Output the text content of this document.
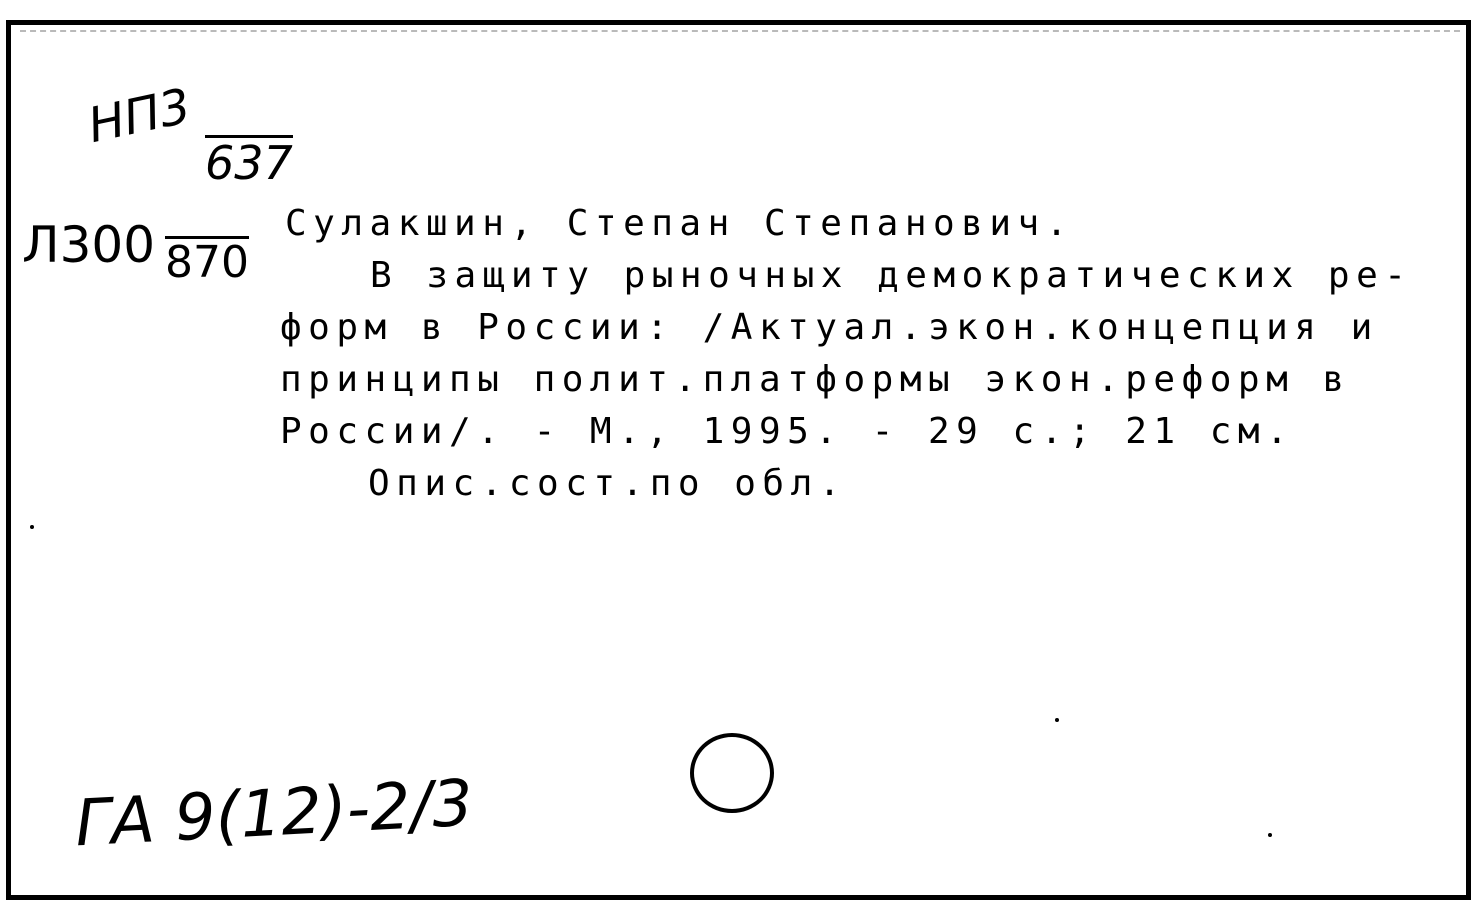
НП3
637
Л300 870
Сулакшин, Степан Степанович.
В защиту рыночных демократических ре-
форм в России: /Актуал.экон.концепция и
принципы полит.платформы экон.реформ в
России/. - М., 1995. - 29 с.; 21 см.
Опис.сост.по обл.
ГА 9(12)-2/3
